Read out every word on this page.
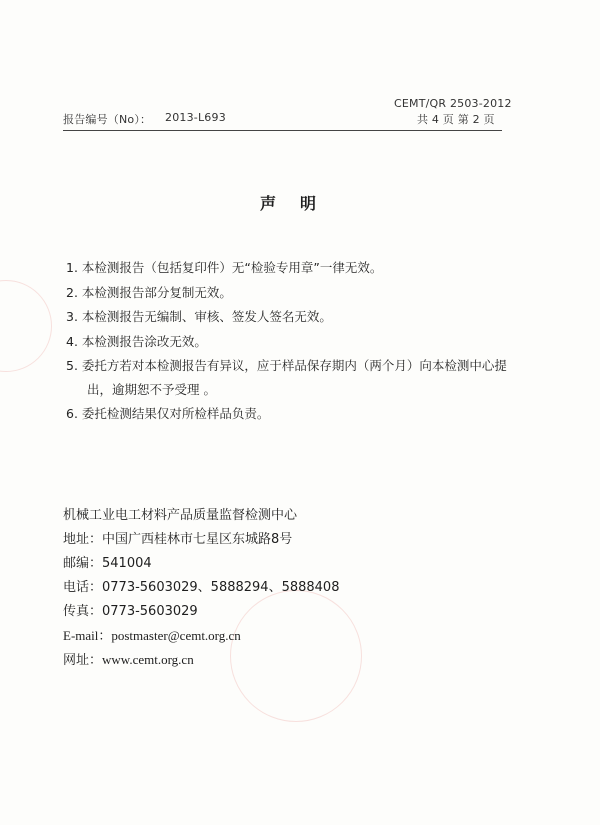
报告编号（No）： 2013-L693
CEMT/QR 2503-2012
共 4 页 第 2 页
声明
1. 本检测报告（包括复印件）无“检验专用章”一律无效。
2. 本检测报告部分复制无效。
3. 本检测报告无编制、审核、签发人签名无效。
4. 本检测报告涂改无效。
5. 委托方若对本检测报告有异议，应于样品保存期内（两个月）向本检测中心提
出，逾期恕不予受理 。
6. 委托检测结果仅对所检样品负责。
机械工业电工材料产品质量监督检测中心
地址：中国广西桂林市七星区东城路8号
邮编：541004
电话：0773-5603029、5888294、5888408
传真：0773-5603029
E-mail：postmaster@cemt.org.cn
网址：www.cemt.org.cn
